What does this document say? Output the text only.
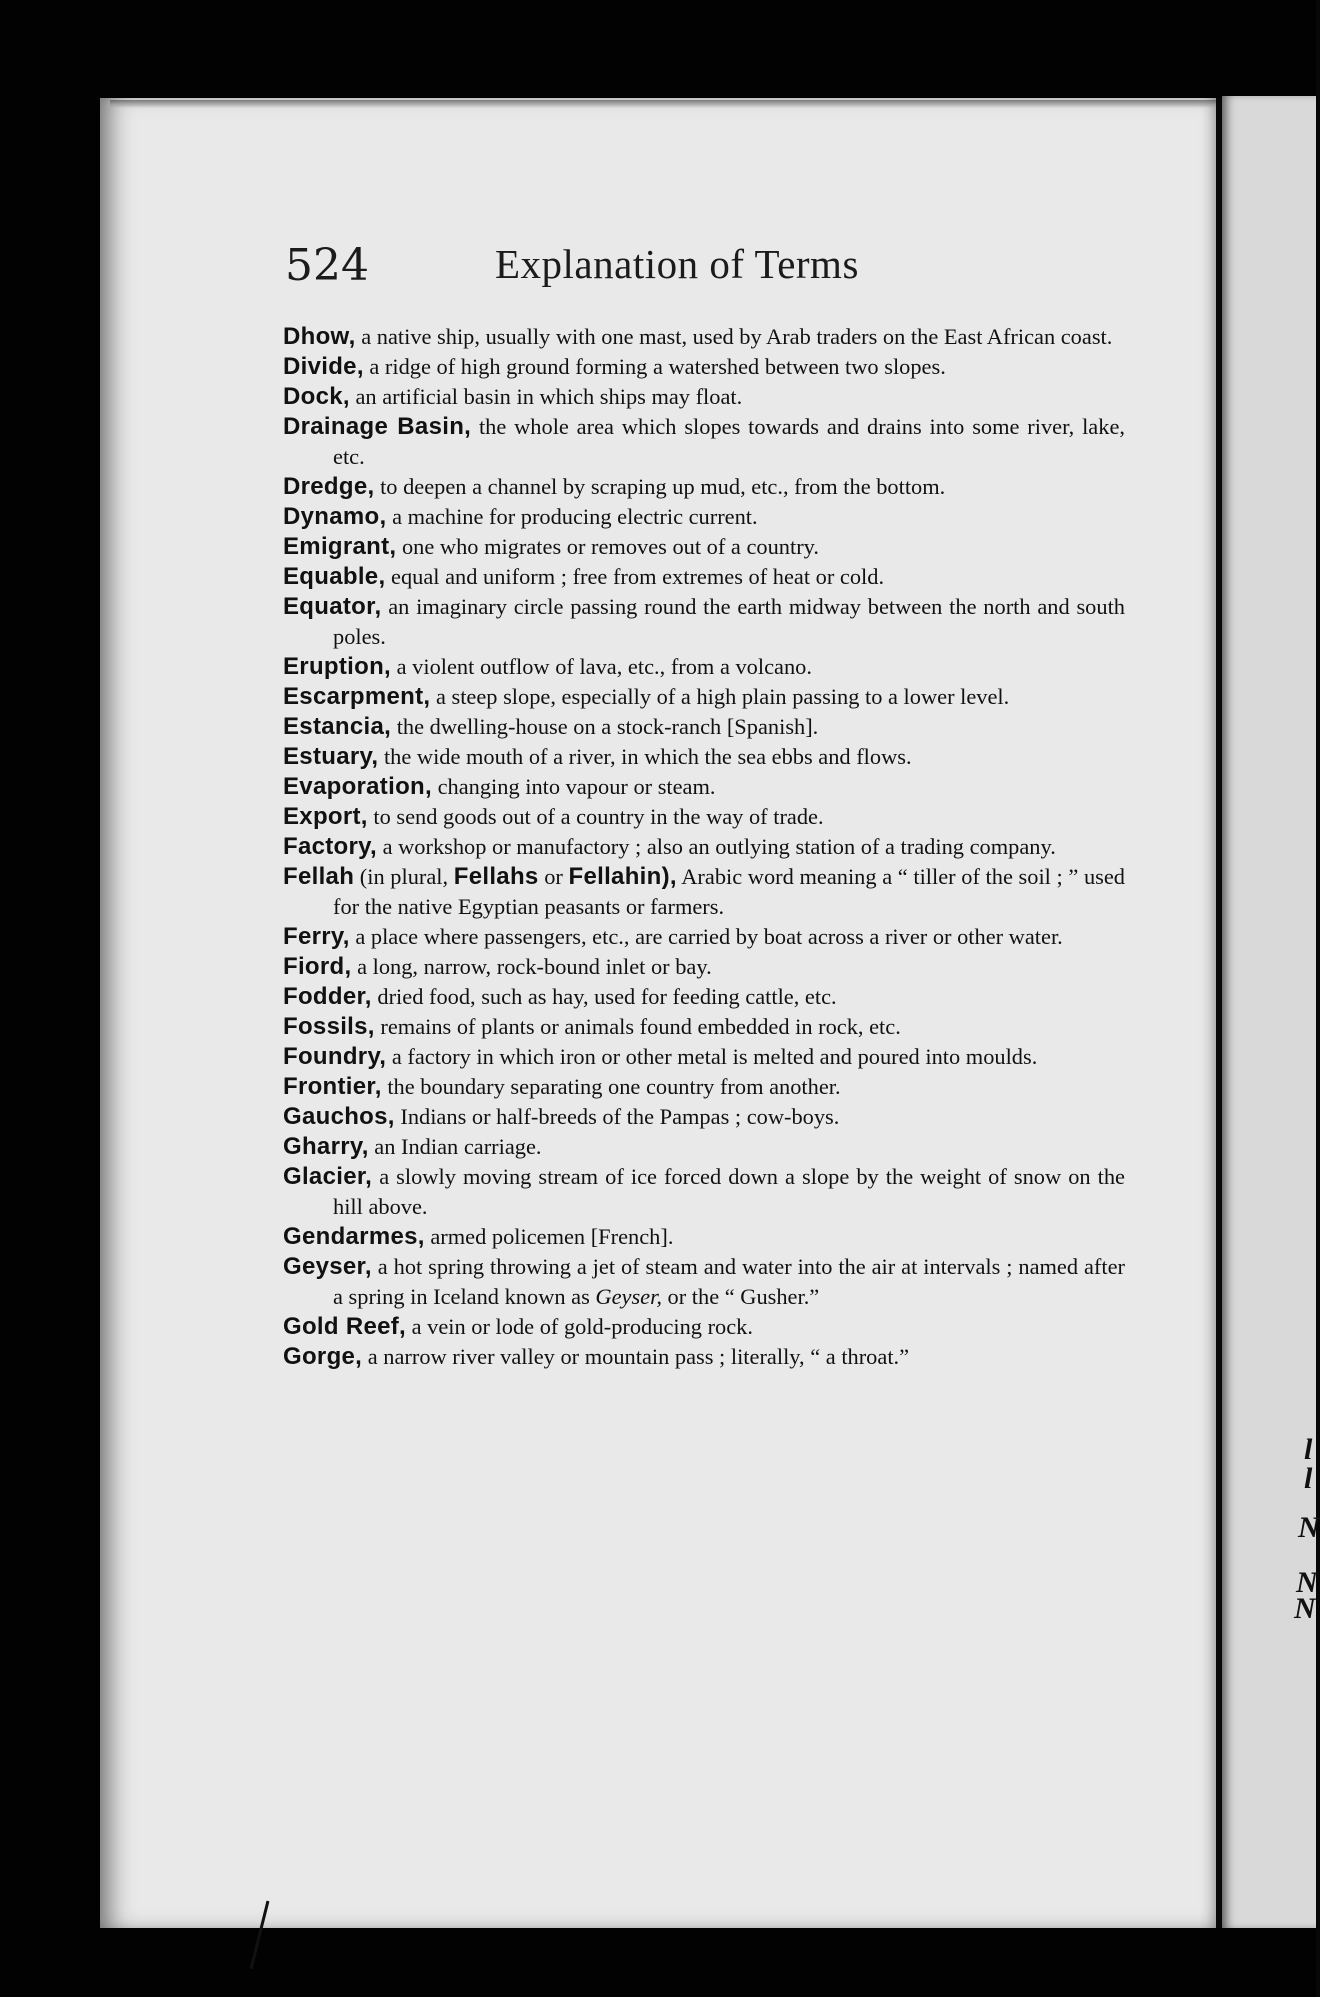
l
l
N
N
N
524	Explanation of Terms

Dhow, a native ship, usually with one mast, used by Arab traders on the East African coast.

Divide, a ridge of high ground forming a watershed between two slopes.

Dock, an artificial basin in which ships may float.

Drainage Basin, the whole area which slopes towards and drains into some river, lake, etc.

Dredge, to deepen a channel by scraping up mud, etc., from the bottom.

Dynamo, a machine for producing electric current.

Emigrant, one who migrates or removes out of a country.

Equable, equal and uniform ; free from extremes of heat or cold.

Equator, an imaginary circle passing round the earth midway between the north and south poles.

Eruption, a violent outflow of lava, etc., from a volcano.

Escarpment, a steep slope, especially of a high plain passing to a lower level.

Estancia, the dwelling-house on a stock-ranch [Spanish].

Estuary, the wide mouth of a river, in which the sea ebbs and flows.

Evaporation, changing into vapour or steam.

Export, to send goods out of a country in the way of trade.

Factory, a workshop or manufactory ; also an outlying station of a trading company.

Fellah (in plural, Fellahs or Fellahin), Arabic word meaning a “ tiller of the soil ; ” used for the native Egyptian peasants or farmers.

Ferry, a place where passengers, etc., are carried by boat across a river or other water.

Fiord, a long, narrow, rock-bound inlet or bay.

Fodder, dried food, such as hay, used for feeding cattle, etc.

Fossils, remains of plants or animals found embedded in rock, etc.

Foundry, a factory in which iron or other metal is melted and poured into moulds.

Frontier, the boundary separating one country from another.

Gauchos, Indians or half-breeds of the Pampas ; cow-boys.

Gharry, an Indian carriage.

Glacier, a slowly moving stream of ice forced down a slope by the weight of snow on the hill above.

Gendarmes, armed policemen [French].

Geyser, a hot spring throwing a jet of steam and water into the air at intervals ; named after a spring in Iceland known as Geyser, or the “ Gusher.”

Gold Reef, a vein or lode of gold-producing rock.

Gorge, a narrow river valley or mountain pass ; literally, “ a throat.”
